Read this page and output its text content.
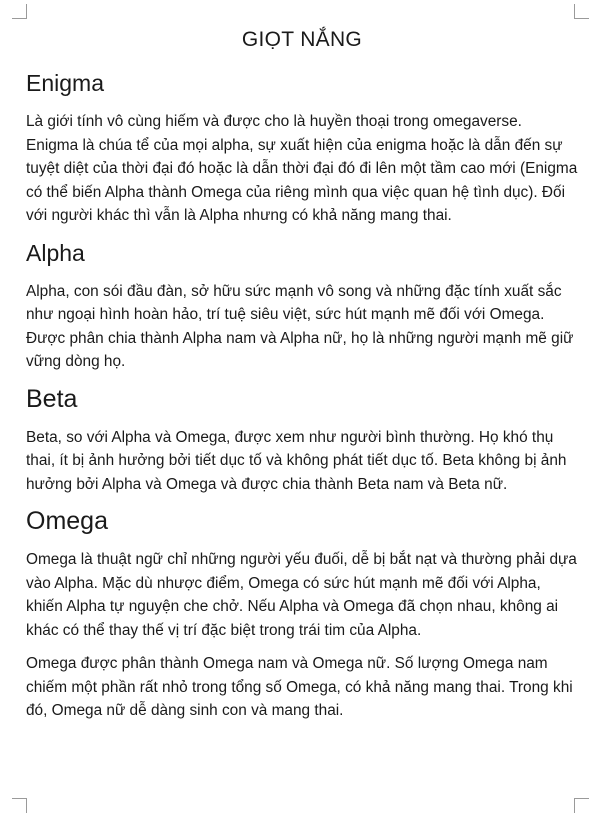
GIỌT NẮNG
Enigma

Là giới tính vô cùng hiếm và được cho là huyền thoại trong omegaverse. Enigma là chúa tể của mọi alpha, sự xuất hiện của enigma hoặc là dẫn đến sự tuyệt diệt của thời đại đó hoặc là dẫn thời đại đó đi lên một tầm cao mới (Enigma có thể biến Alpha thành Omega của riêng mình qua việc quan hệ tình dục). Đối với người khác thì vẫn là Alpha nhưng có khả năng mang thai.

Alpha

Alpha, con sói đầu đàn, sở hữu sức mạnh vô song và những đặc tính xuất sắc như ngoại hình hoàn hảo, trí tuệ siêu việt, sức hút mạnh mẽ đối với Omega. Được phân chia thành Alpha nam và Alpha nữ, họ là những người mạnh mẽ giữ vững dòng họ.

Beta

Beta, so với Alpha và Omega, được xem như người bình thường. Họ khó thụ thai, ít bị ảnh hưởng bởi tiết dục tố và không phát tiết dục tố. Beta không bị ảnh hưởng bởi Alpha và Omega và được chia thành Beta nam và Beta nữ.

Omega

Omega là thuật ngữ chỉ những người yếu đuối, dễ bị bắt nạt và thường phải dựa vào Alpha. Mặc dù nhược điểm, Omega có sức hút mạnh mẽ đối với Alpha, khiến Alpha tự nguyện che chở. Nếu Alpha và Omega đã chọn nhau, không ai khác có thể thay thế vị trí đặc biệt trong trái tim của Alpha.

Omega được phân thành Omega nam và Omega nữ. Số lượng Omega nam chiếm một phần rất nhỏ trong tổng số Omega, có khả năng mang thai. Trong khi đó, Omega nữ dễ dàng sinh con và mang thai.
